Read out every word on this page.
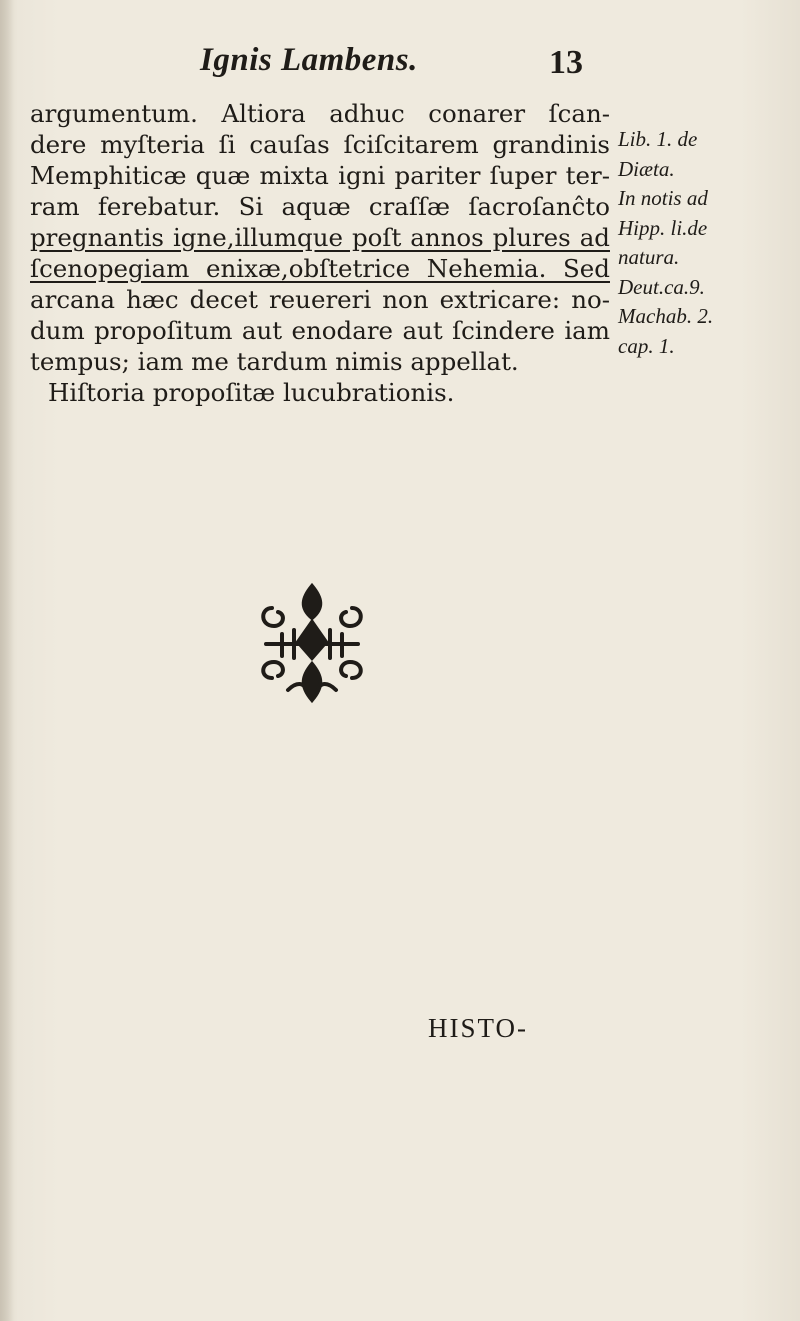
Ignis Lambens.	13
argumentum. Altiora adhuc conarer ſcan-
dere myſteria ſi cauſas ſciſcitarem grandinis
Memphiticæ quæ mixta igni pariter ſuper ter-
ram ferebatur. Si aquæ craſſæ ſacroſanĉto
pregnantis igne,illumque poſt annos plures ad
ſcenopegiam enixæ,obſtetrice Nehemia. Sed
arcana hæc decet reuereri non extricare: no-
dum propoſitum aut enodare aut ſcindere iam
tempus; iam me tardum nimis appellat.
Hiſtoria propoſitæ lucubrationis.
Lib. 1. de
Diæta.
In notis ad
Hipp. li.de
natura.
Deut.ca.9.
Machab. 2.
cap. 1.
HISTO-
